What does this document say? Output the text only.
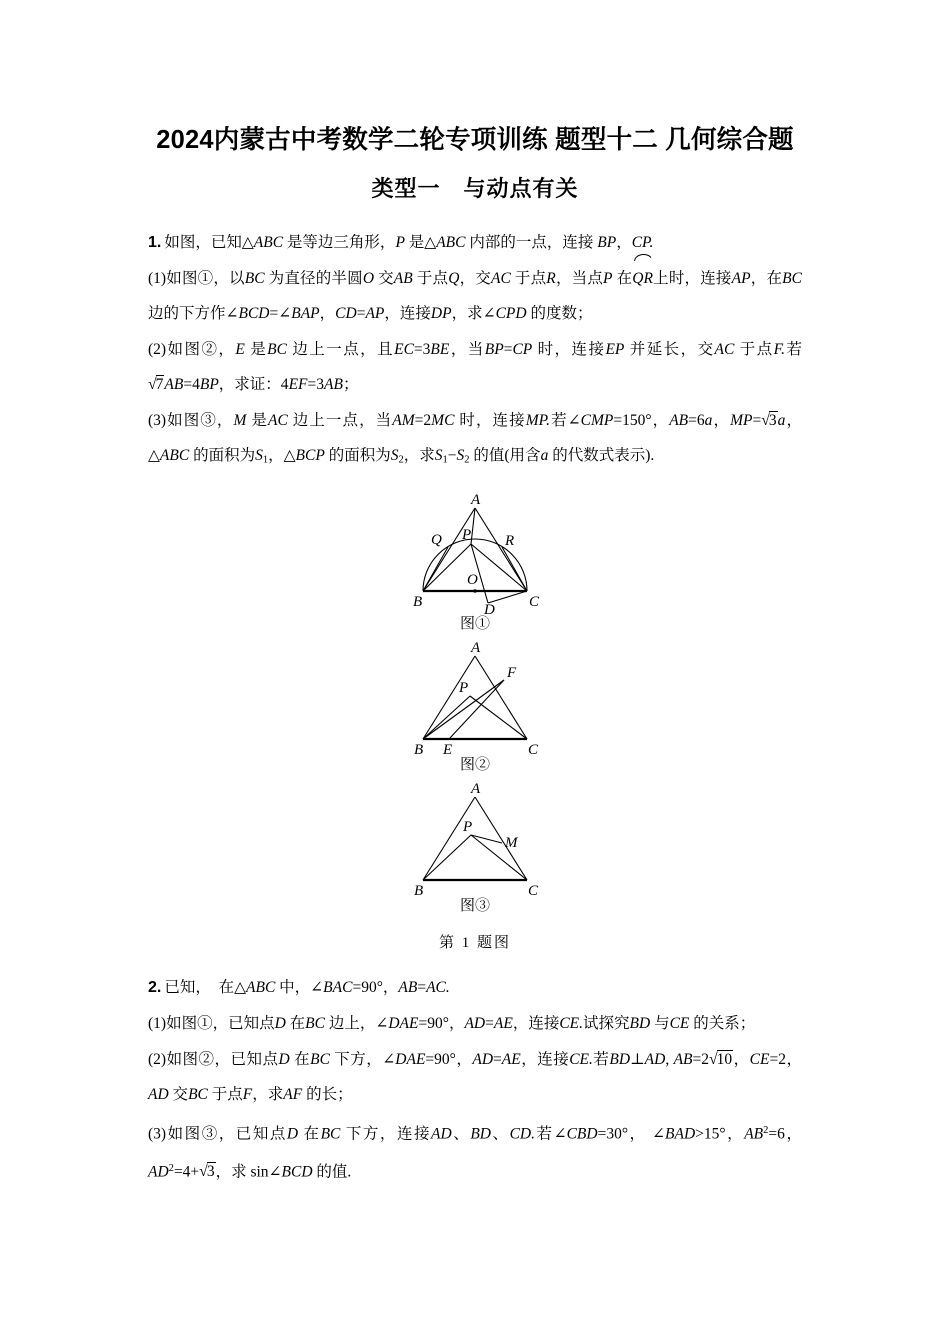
2024内蒙古中考数学二轮专项训练 题型十二 几何综合题
类型一　与动点有关

1. 如图，已知△ABC 是等边三角形，P 是△ABC 内部的一点，连接 BP，CP.

(1)如图①，以BC 为直径的半圆O 交AB 于点Q，交AC 于点R，当点P 在
QR上时，连接AP，在BC 边的下方作∠BCD=∠BAP，CD=AP，连接DP，求∠CPD 的度数；

(2)如图②，E 是BC 边上一点，且EC=3BE，当BP=CP 时，连接EP 并延长，交AC 于点F.若√7AB=4BP，求证：4EF=3AB；

(3)如图③，M 是AC 边上一点，当AM=2MC 时，连接MP.若∠CMP=150°，AB=6a，MP=√3a，△ABC 的面积为$S_1$，△BCP 的面积为$S_2$，求$S_1-S_2$ 的值(用含a 的代数式表示).

A
Q P R
O
B	D C
图①
A
F
P
B E	C
图②
A
P
M
B	C
图③
第 1 题图

2. 已知，　在△ABC 中，∠BAC=90°，AB=AC.

(1)如图①，已知点D 在BC 边上，∠DAE=90°，AD=AE，连接CE.试探究BD 与CE 的关系；

(2)如图②，已知点D 在BC 下方，∠DAE=90°，AD=AE，连接CE.若BD⊥AD, AB=2√10，CE=2，AD 交BC 于点F，求AF 的长；

(3)如图③，已知点D 在BC 下方，连接AD、BD、CD.若∠CBD=30°， ∠BAD>15°，$AB^2=6$，$AD^2=4+√3$，求 sin∠BCD 的值.
